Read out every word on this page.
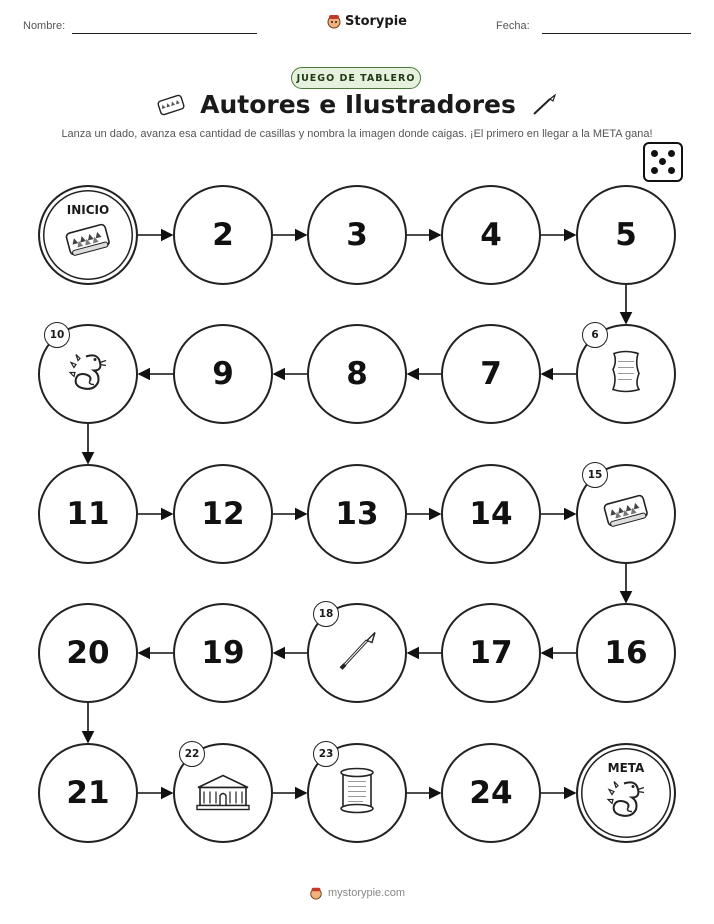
Nombre:	Storypie	Fecha:
JUEGO DE TABLERO
Autores e Ilustradores
Lanza un dado, avanza esa cantidad de casillas y nombra la imagen donde caigas. ¡El primero en llegar a la META gana!
INICIO
2	3	4	5
6
7
8
9
10
11	12	13	14
15
16
17
18
19
20
21
22	23
24
META
mystorypie.com
